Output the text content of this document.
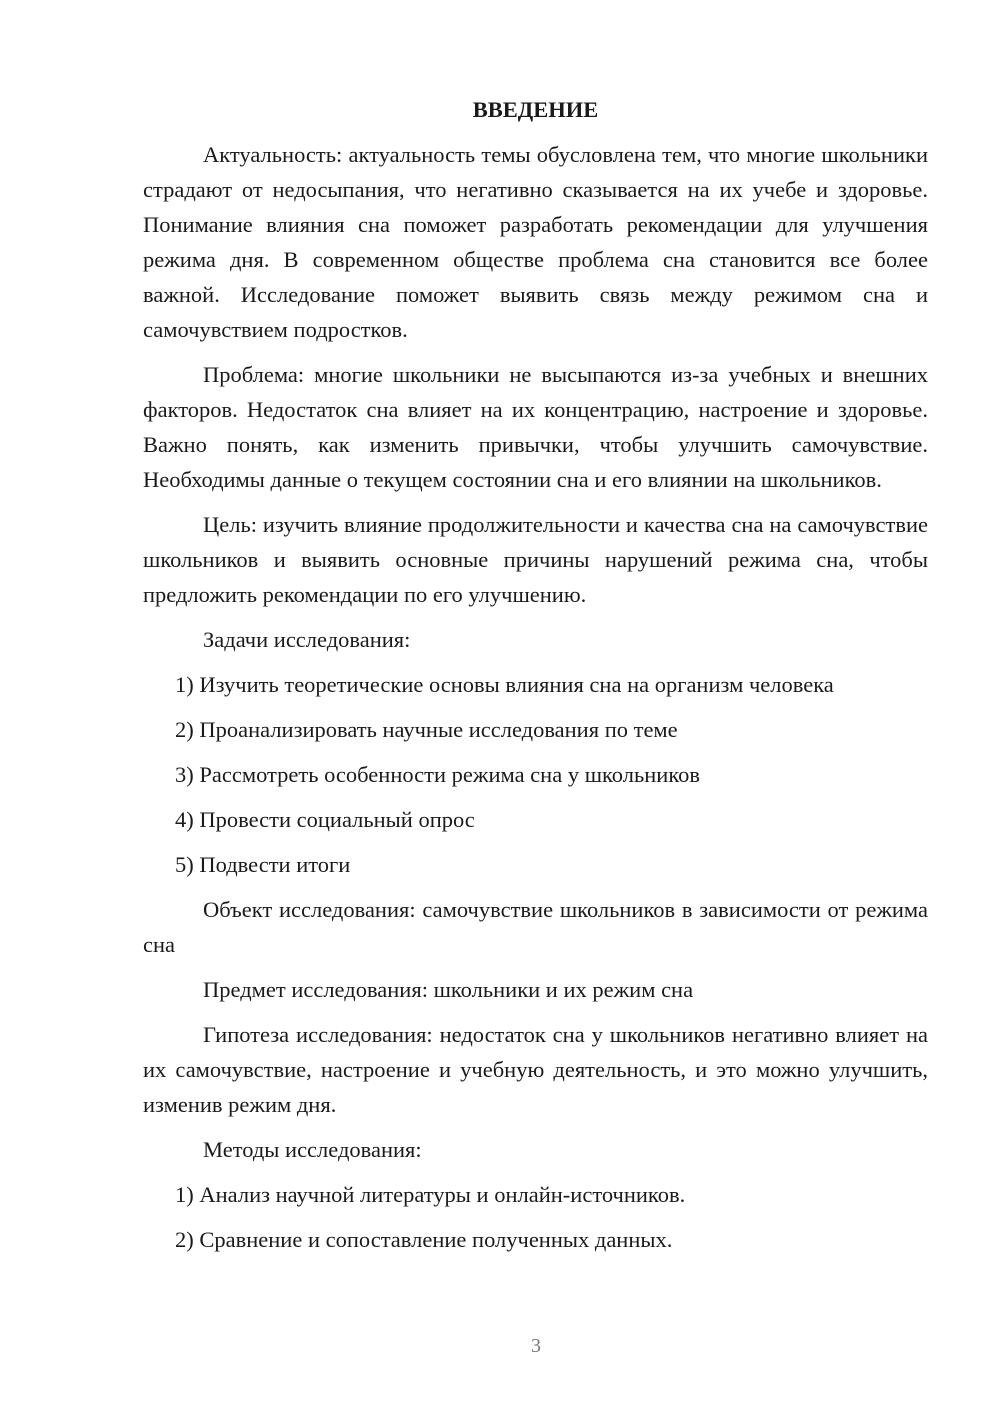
ВВЕДЕНИЕ

Актуальность: актуальность темы обусловлена тем, что многие школьники страдают от недосыпания, что негативно сказывается на их учебе и здоровье. Понимание влияния сна поможет разработать рекомендации для улучшения режима дня. В современном обществе проблема сна становится все более важной. Исследование поможет выявить связь между режимом сна и самочувствием подростков.

Проблема: многие школьники не высыпаются из-за учебных и внешних факторов. Недостаток сна влияет на их концентрацию, настроение и здоровье. Важно понять, как изменить привычки, чтобы улучшить самочувствие. Необходимы данные о текущем состоянии сна и его влиянии на школьников.

Цель: изучить влияние продолжительности и качества сна на самочувствие школьников и выявить основные причины нарушений режима сна, чтобы предложить рекомендации по его улучшению.

Задачи исследования:

1) Изучить теоретические основы влияния сна на организм человека
2) Проанализировать научные исследования по теме
3) Рассмотреть особенности режима сна у школьников
4) Провести социальный опрос
5) Подвести итоги

Объект исследования: самочувствие школьников в зависимости от режима сна

Предмет исследования: школьники и их режим сна

Гипотеза исследования: недостаток сна у школьников негативно влияет на их самочувствие, настроение и учебную деятельность, и это можно улучшить, изменив режим дня.

Методы исследования:

1) Анализ научной литературы и онлайн-источников.
2) Сравнение и сопоставление полученных данных.
3
